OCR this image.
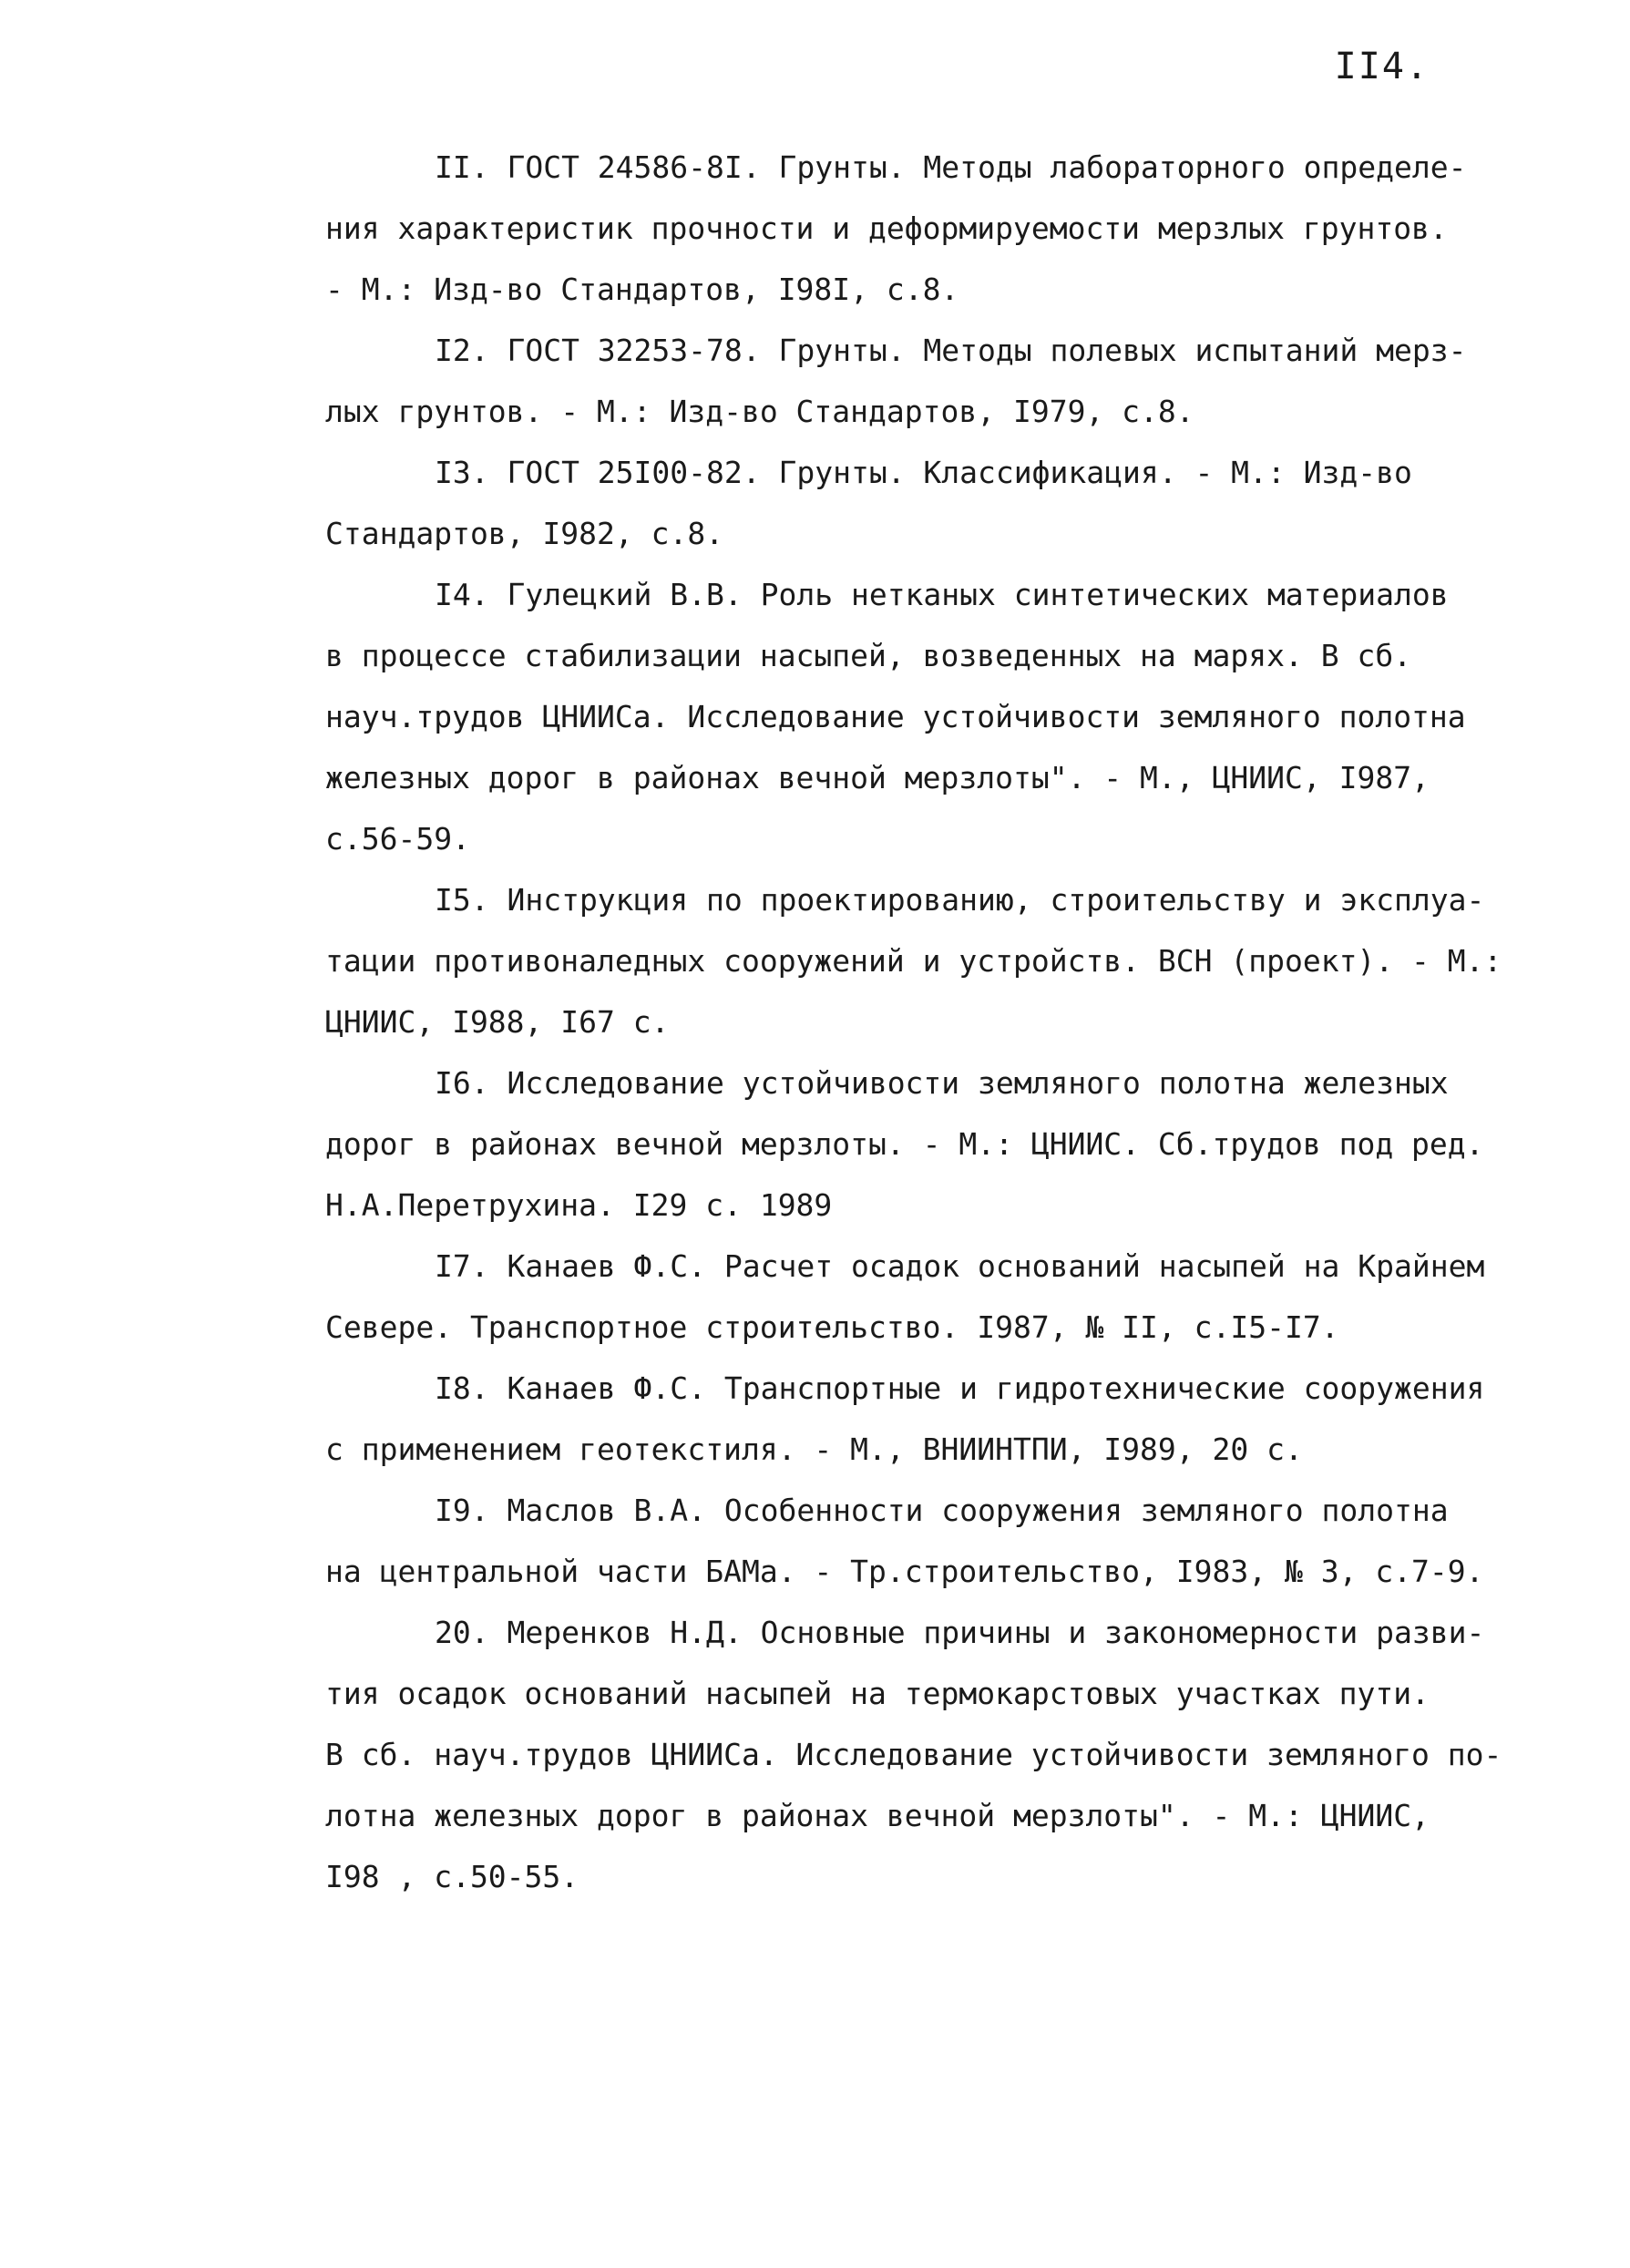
II4.
II. ГОСТ 24586-8I. Грунты. Методы лабораторного определе-
ния характеристик прочности и деформируемости мерзлых грунтов.
- М.: Изд-во Стандартов, I98I, с.8.
I2. ГОСТ 32253-78. Грунты. Методы полевых испытаний мерз-
лых грунтов. - М.: Изд-во Стандартов, I979, с.8.
I3. ГОСТ 25I00-82. Грунты. Классификация. - М.: Изд-во
Стандартов, I982, с.8.
I4. Гулецкий В.В. Роль нетканых синтетических материалов
в процессе стабилизации насыпей, возведенных на марях. В сб.
науч.трудов ЦНИИСа. Исследование устойчивости земляного полотна
железных дорог в районах вечной мерзлоты". - М., ЦНИИС, I987,
с.56-59.
I5. Инструкция по проектированию, строительству и эксплуа-
тации противоналедных сооружений и устройств. ВСН (проект). - М.:
ЦНИИС, I988, I67 с.
I6. Исследование устойчивости земляного полотна железных
дорог в районах вечной мерзлоты. - М.: ЦНИИС. Сб.трудов под ред.
Н.А.Перетрухина. I29 с. 1989
I7. Канаев Ф.С. Расчет осадок оснований насыпей на Крайнем
Севере. Транспортное строительство. I987, № II, с.I5-I7.
I8. Канаев Ф.С. Транспортные и гидротехнические сооружения
с применением геотекстиля. - М., ВНИИНТПИ, I989, 20 с.
I9. Маслов В.А. Особенности сооружения земляного полотна
на центральной части БАМа. - Тр.строительство, I983, № 3, с.7-9.
20. Меренков Н.Д. Основные причины и закономерности разви-
тия осадок оснований насыпей на термокарстовых участках пути.
В сб. науч.трудов ЦНИИСа. Исследование устойчивости земляного по-
лотна железных дорог в районах вечной мерзлоты". - М.: ЦНИИС,
I98 , с.50-55.
